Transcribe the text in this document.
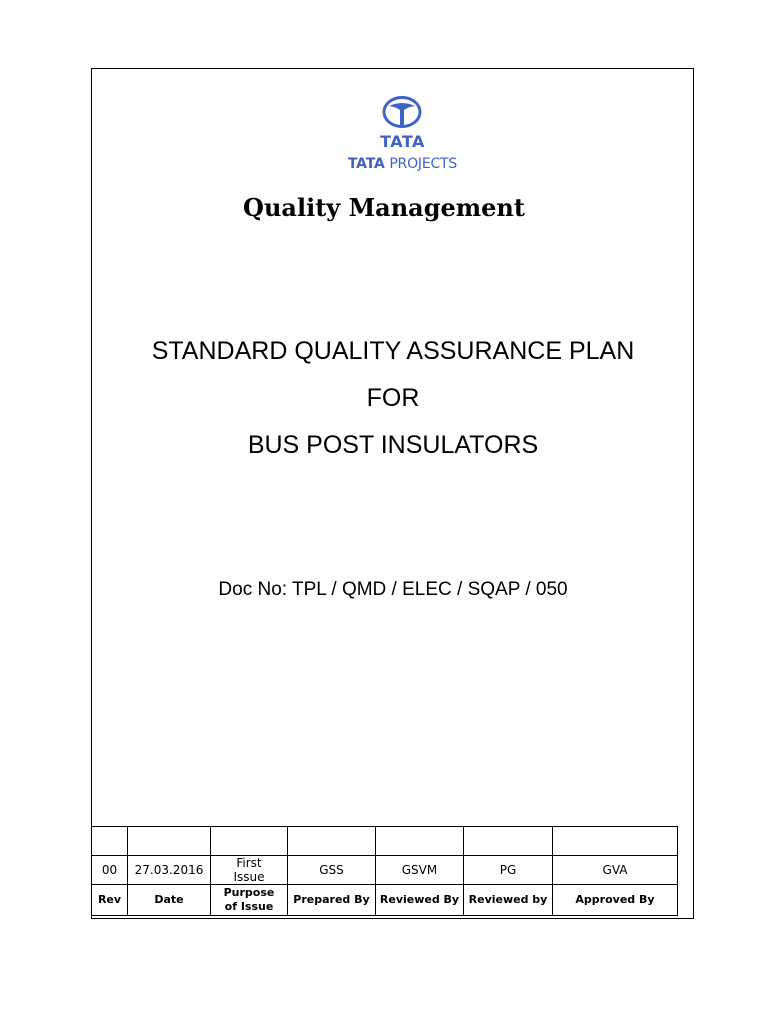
TATA
TATA PROJECTS
Quality Management
STANDARD QUALITY ASSURANCE PLAN
FOR
BUS POST INSULATORS
Doc No: TPL / QMD / ELEC / SQAP / 050

00	27.03.2016	First Issue	GSS	GSVM	PG	GVA
Rev	Date	Purpose of Issue	Prepared By	Reviewed By	Reviewed by	Approved By
